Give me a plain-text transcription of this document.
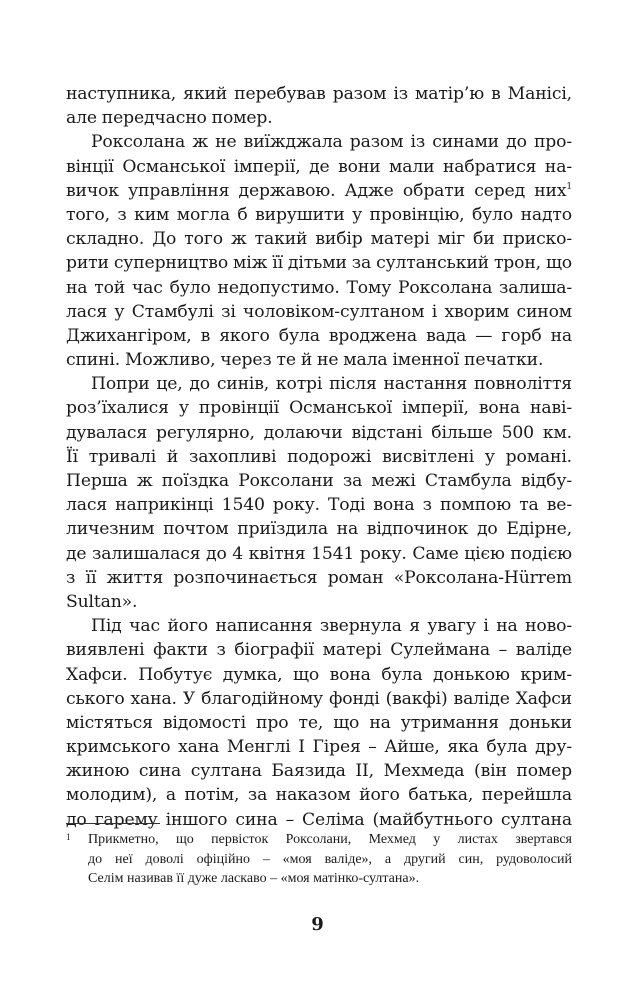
наступника, який перебував разом із матір’ю в Манісі,
але передчасно помер.
Роксолана ж не виїжджала разом із синами до про-
вінції Османської імперії, де вони мали набратися на-
вичок управління державою. Адже обрати серед них$^1$
того, з ким могла б вирушити у провінцію, було надто
складно. До того ж такий вибір матері міг би прискo-
рити суперництво між її дітьми за султанський трон, що
на той час було недопустимо. Тому Роксолана залиша-
лася у Стамбулі зі чоловіком-султаном і хворим сином
Джихангіром, в якого була вроджена вада — горб на
спині. Можливо, через те й не мала іменної печатки.
Попри це, до синів, котрі після настання повноліття
роз’їхалися у провінції Османської імперії, вона наві-
дувалася регулярно, долаючи відстані більше 500 км.
Її тривалі й захопливі подорожі висвітлені у романі.
Перша ж поїздка Роксолани за межі Стамбула відбу-
лася наприкінці 1540 року. Тоді вона з помпою та ве-
личезним почтом приїздила на відпочинок до Едірне,
де залишалася до 4 квітня 1541 року. Саме цією подією
з її життя розпочинається роман «Роксолана-Hürrem
Sultan».
Під час його написання звернула я увагу і на ново-
виявлені факти з біографії матері Сулеймана – валіде
Хафси. Побутує думка, що вона була донькою крим-
ського хана. У благодійному фонді (вакфі) валіде Хафси
містяться відомості про те, що на утримання доньки
кримського хана Менглі I Гірея – Айше, яка була дру-
жиною сина султана Баязида II, Мехмеда (він помер
молодим), а потім, за наказом його батька, перейшла
до гарему іншого сина – Селіма (майбутнього султана
1	Прикметно, що первісток Роксолани, Мехмед у листах звертався
до неї доволі офіційно – «моя валіде», а другий син, рудоволосий
Селім називав її дуже ласкаво – «моя матінко-султана».
9
